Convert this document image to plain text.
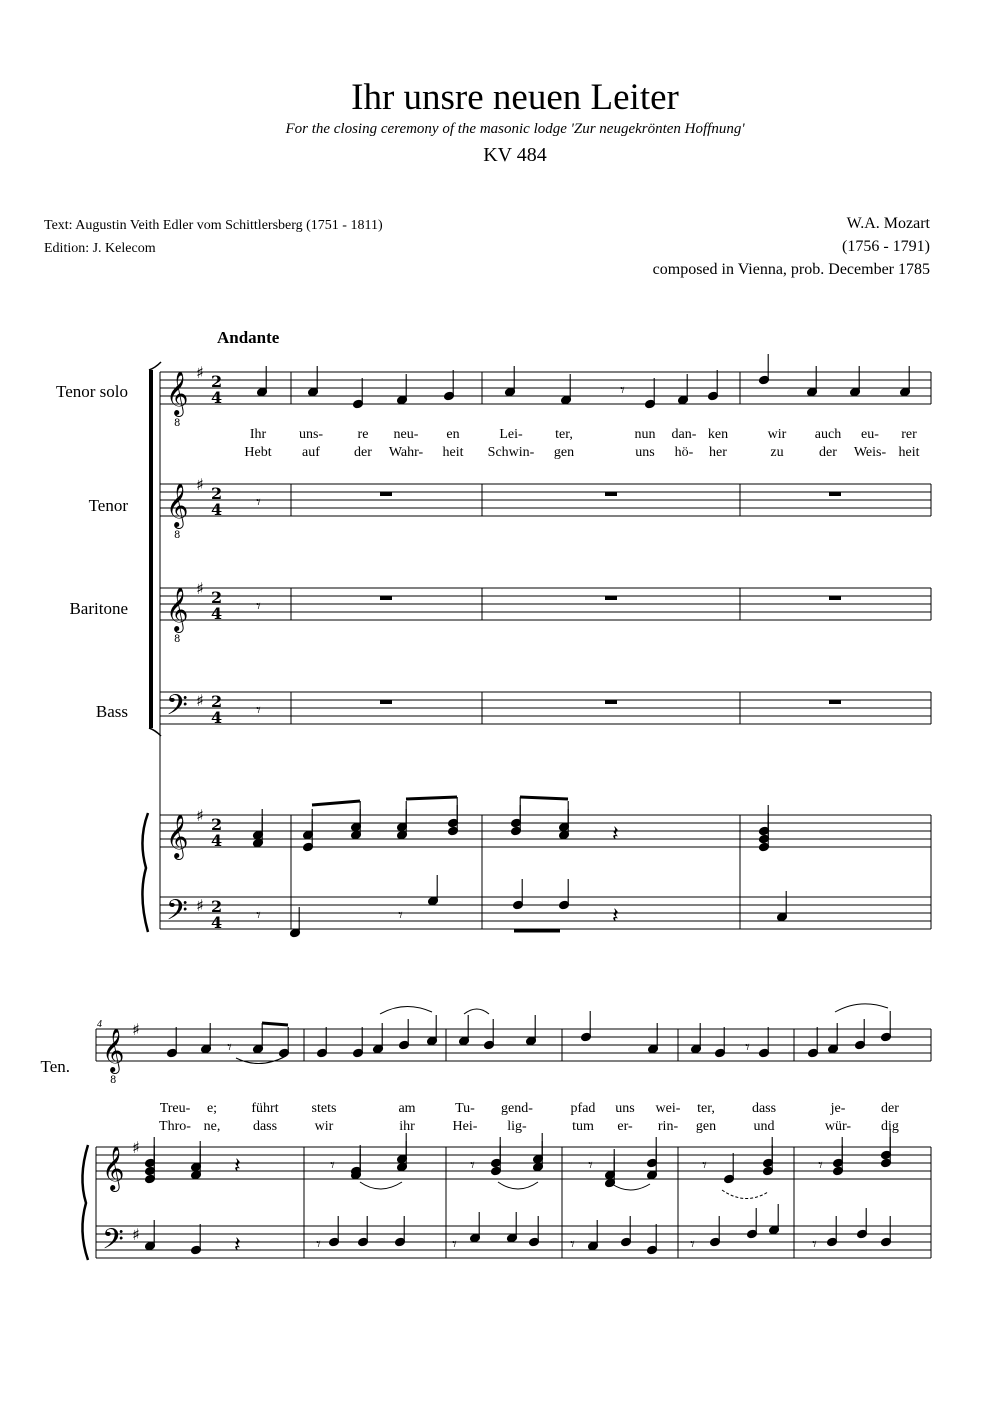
Ihr unsre neuen Leiter
For the closing ceremony of the masonic lodge 'Zur neugekrönten Hoffnung'
KV 484
Text: Augustin Veith Edler vom Schittlersberg (1751 - 1811)
Edition: J. Kelecom
W.A. Mozart
(1756 - 1791)
composed in Vienna, prob. December 1785
Andante
Tenor solo
Tenor
Baritone
Bass
Ten.
4
𝄞
8
♯ 2
4
𝄞
8
♯ 2
4
𝄞
8
♯ 2
4
𝄢 ♯ 2
4
𝄞 ♯ 2
4
𝄢 ♯ 2
4
𝄾
𝄾
𝄾
𝄾
𝄾
𝄽
𝄾	𝄽
𝄞
8
♯
𝄞 ♯
𝄢 ♯
𝄾	𝄾
𝄽	𝄾	𝄾	𝄾	𝄾	𝄾
𝄽	𝄾	𝄾	𝄾	𝄾	𝄾
Ihr uns- re neu- en	Lei- ter,	nun dan- ken	wir auch eu- rer
Hebt auf der Wahr- heit Schwin- gen	uns hö- her	zu	der Weis- heit
Treu- e; führt stets	am	Tu- gend-	pfad uns wei- ter,	dass	je-	der
Thro- ne, dass	wir	ihr	Hei- lig-	tum er- rin- gen	und	wür- dig
